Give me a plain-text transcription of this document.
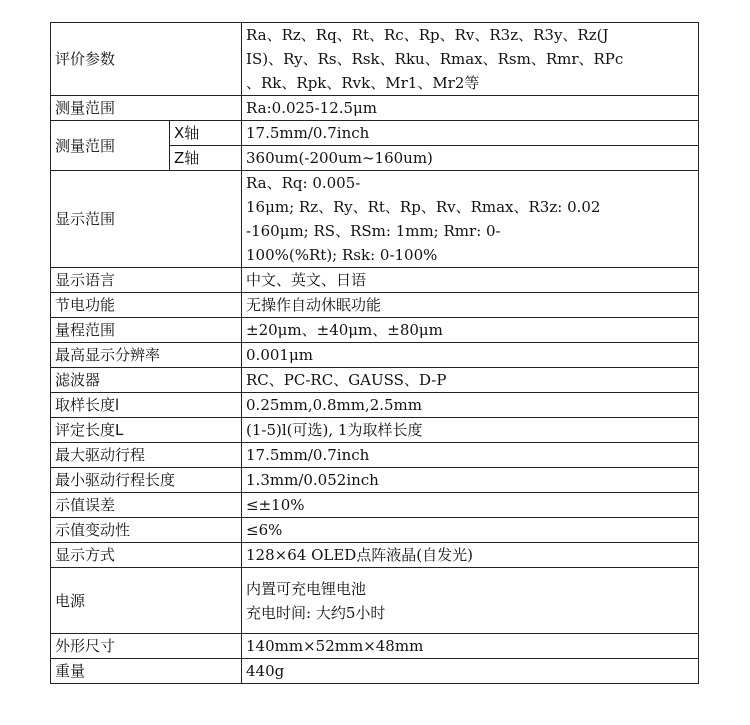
评价参数		Ra、Rz、Rq、Rt、Rc、Rp、Rv、R3z、R3y、Rz(J
IS)、Ry、Rs、Rsk、Rku、Rmax、Rsm、Rmr、RPc
、Rk、Rpk、Rvk、Mr1、Mr2等

测量范围		Ra:0.025-12.5μm
测量范围	X轴	17.5mm/0.7inch
	Z轴	360um(-200um~160um)
显示范围		Ra、Rq: 0.005-
16μm; Rz、Ry、Rt、Rp、Rv、Rmax、R3z: 0.02
-160μm; RS、RSm: 1mm; Rmr: 0-
100%(%Rt); Rsk: 0-100%

显示语言		中文、英文、日语
节电功能		无操作自动休眠功能
量程范围		±20μm、±40μm、±80μm
最高显示分辨率		0.001μm
滤波器		RC、PC-RC、GAUSS、D-P
取样长度l		0.25mm,0.8mm,2.5mm
评定长度L		(1-5)l(可选), 1为取样长度
最大驱动行程		17.5mm/0.7inch
最小驱动行程长度		1.3mm/0.052inch
示值误差		≤±10%
示值变动性		≤6%
显示方式		128×64 OLED点阵液晶(自发光)
电源		内置可充电锂电池
充电时间: 大约5小时

外形尺寸		140mm×52mm×48mm
重量		440g
